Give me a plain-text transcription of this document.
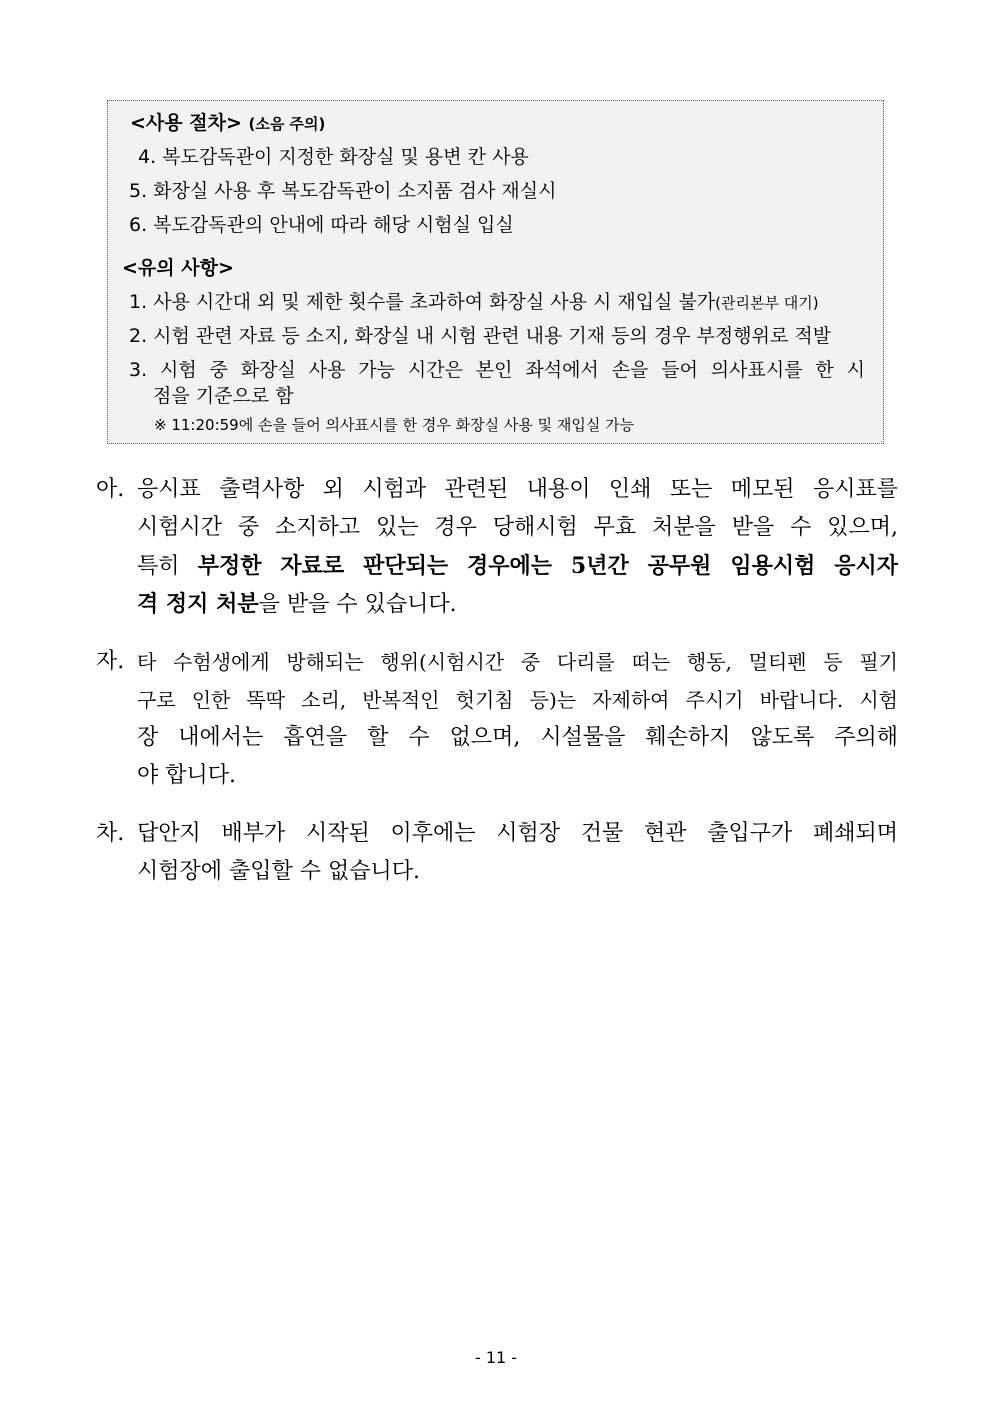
<사용 절차> (소음 주의)
4. 복도감독관이 지정한 화장실 및 용변 칸 사용
5. 화장실 사용 후 복도감독관이 소지품 검사 재실시
6. 복도감독관의 안내에 따라 해당 시험실 입실
<유의 사항>
1. 사용 시간대 외 및 제한 횟수를 초과하여 화장실 사용 시 재입실 불가(관리본부 대기)
2. 시험 관련 자료 등 소지, 화장실 내 시험 관련 내용 기재 등의 경우 부정행위로 적발
3. 시험 중 화장실 사용 가능 시간은 본인 좌석에서 손을 들어 의사표시를 한 시
점을 기준으로 함
※ 11:20:59에 손을 들어 의사표시를 한 경우 화장실 사용 및 재입실 가능
아. 응시표 출력사항 외 시험과 관련된 내용이 인쇄 또는 메모된 응시표를
시험시간 중 소지하고 있는 경우 당해시험 무효 처분을 받을 수 있으며,
특히 부정한 자료로 판단되는 경우에는 5년간 공무원 임용시험 응시자
격 정지 처분을 받을 수 있습니다.
자. 타 수험생에게 방해되는 행위(시험시간 중 다리를 떠는 행동, 멀티펜 등 필기
구로 인한 똑딱 소리, 반복적인 헛기침 등)는 자제하여 주시기 바랍니다. 시험
장 내에서는 흡연을 할 수 없으며, 시설물을 훼손하지 않도록 주의해
야 합니다.
차. 답안지 배부가 시작된 이후에는 시험장 건물 현관 출입구가 폐쇄되며
시험장에 출입할 수 없습니다.
- 11 -
